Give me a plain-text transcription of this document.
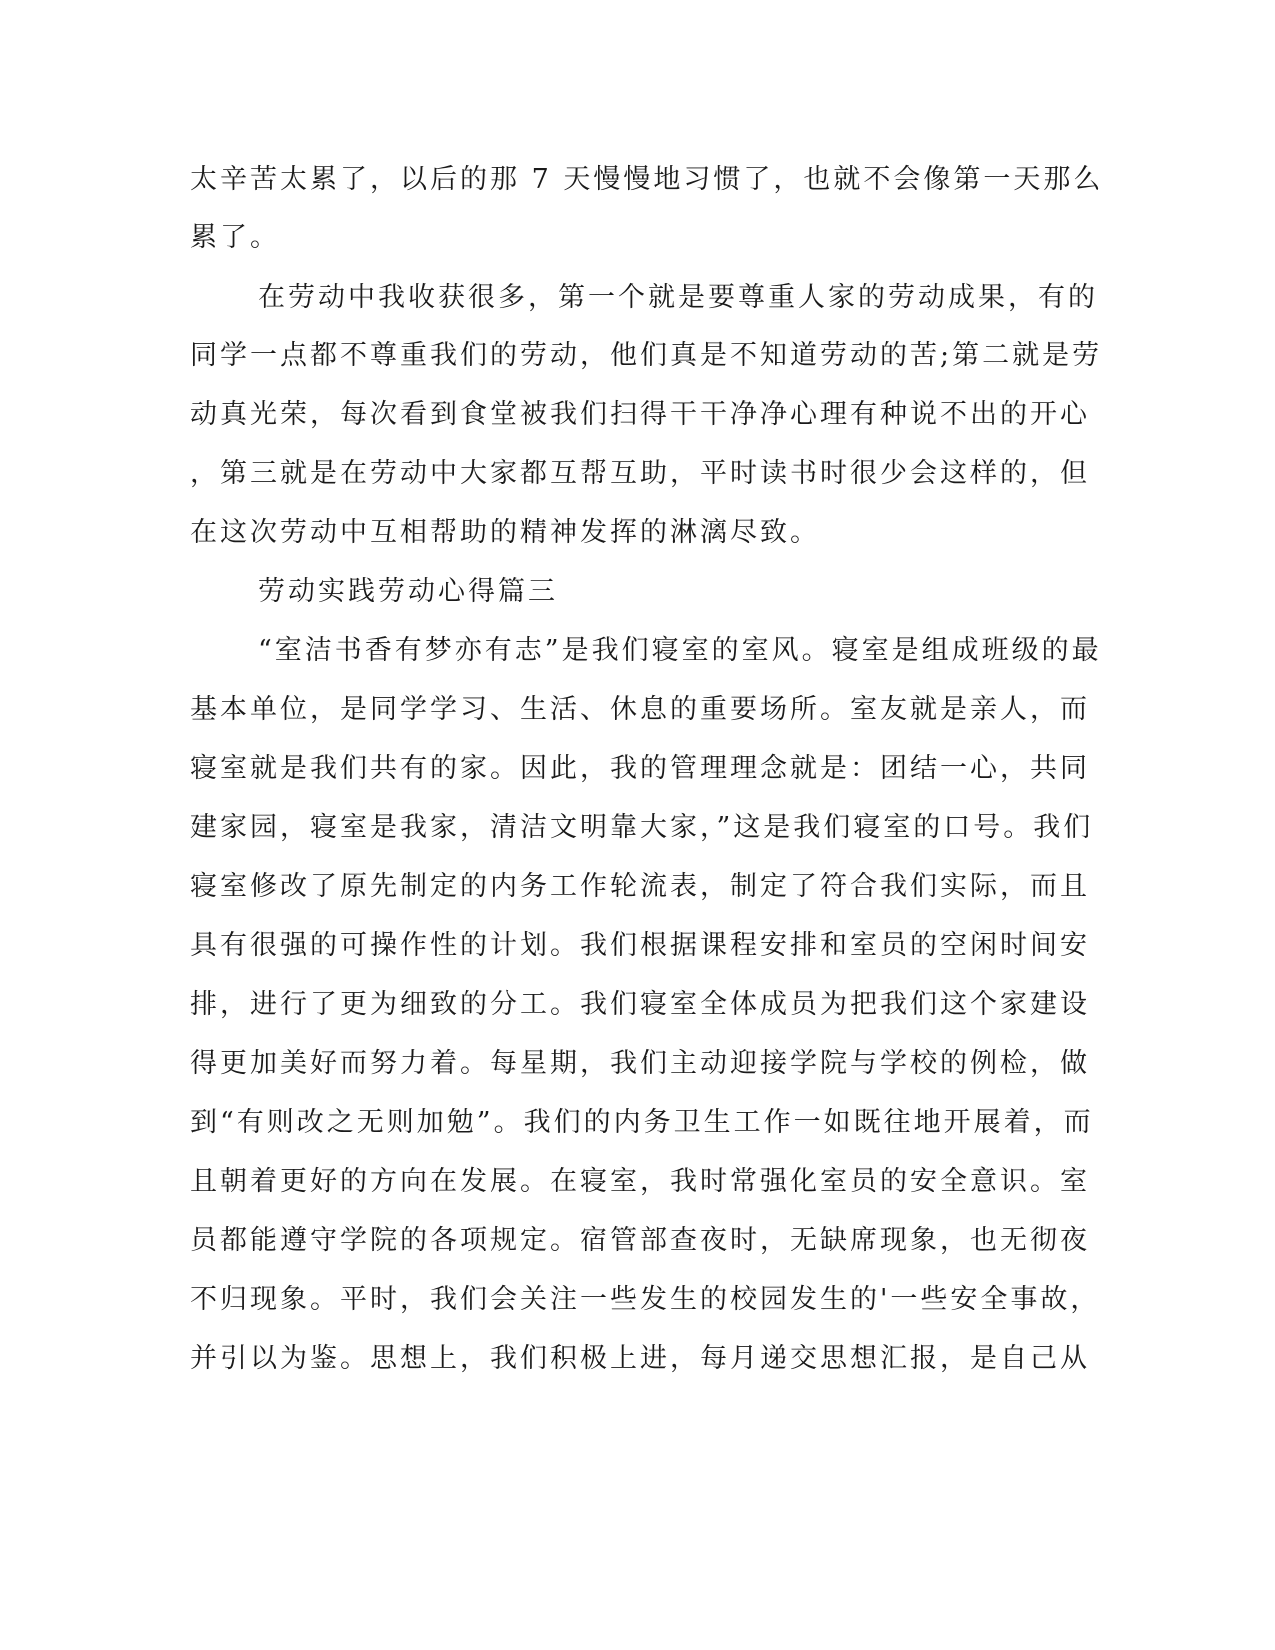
太辛苦太累了，以后的那 7 天慢慢地习惯了，也就不会像第一天那么
累了。
在劳动中我收获很多，第一个就是要尊重人家的劳动成果，有的
同学一点都不尊重我们的劳动，他们真是不知道劳动的苦;第二就是劳
动真光荣，每次看到食堂被我们扫得干干净净心理有种说不出的开心
，第三就是在劳动中大家都互帮互助，平时读书时很少会这样的，但
在这次劳动中互相帮助的精神发挥的淋漓尽致。
劳动实践劳动心得篇三
“室洁书香有梦亦有志”是我们寝室的室风。寝室是组成班级的最
基本单位，是同学学习、生活、休息的重要场所。室友就是亲人，而
寝室就是我们共有的家。因此，我的管理理念就是：团结一心，共同
建家园，寝室是我家，清洁文明靠大家，”这是我们寝室的口号。我们
寝室修改了原先制定的内务工作轮流表，制定了符合我们实际，而且
具有很强的可操作性的计划。我们根据课程安排和室员的空闲时间安
排，进行了更为细致的分工。我们寝室全体成员为把我们这个家建设
得更加美好而努力着。每星期，我们主动迎接学院与学校的例检，做
到“有则改之无则加勉”。我们的内务卫生工作一如既往地开展着，而
且朝着更好的方向在发展。在寝室，我时常强化室员的安全意识。室
员都能遵守学院的各项规定。宿管部查夜时，无缺席现象，也无彻夜
不归现象。平时，我们会关注一些发生的校园发生的'一些安全事故，
并引以为鉴。思想上，我们积极上进，每月递交思想汇报，是自己从
